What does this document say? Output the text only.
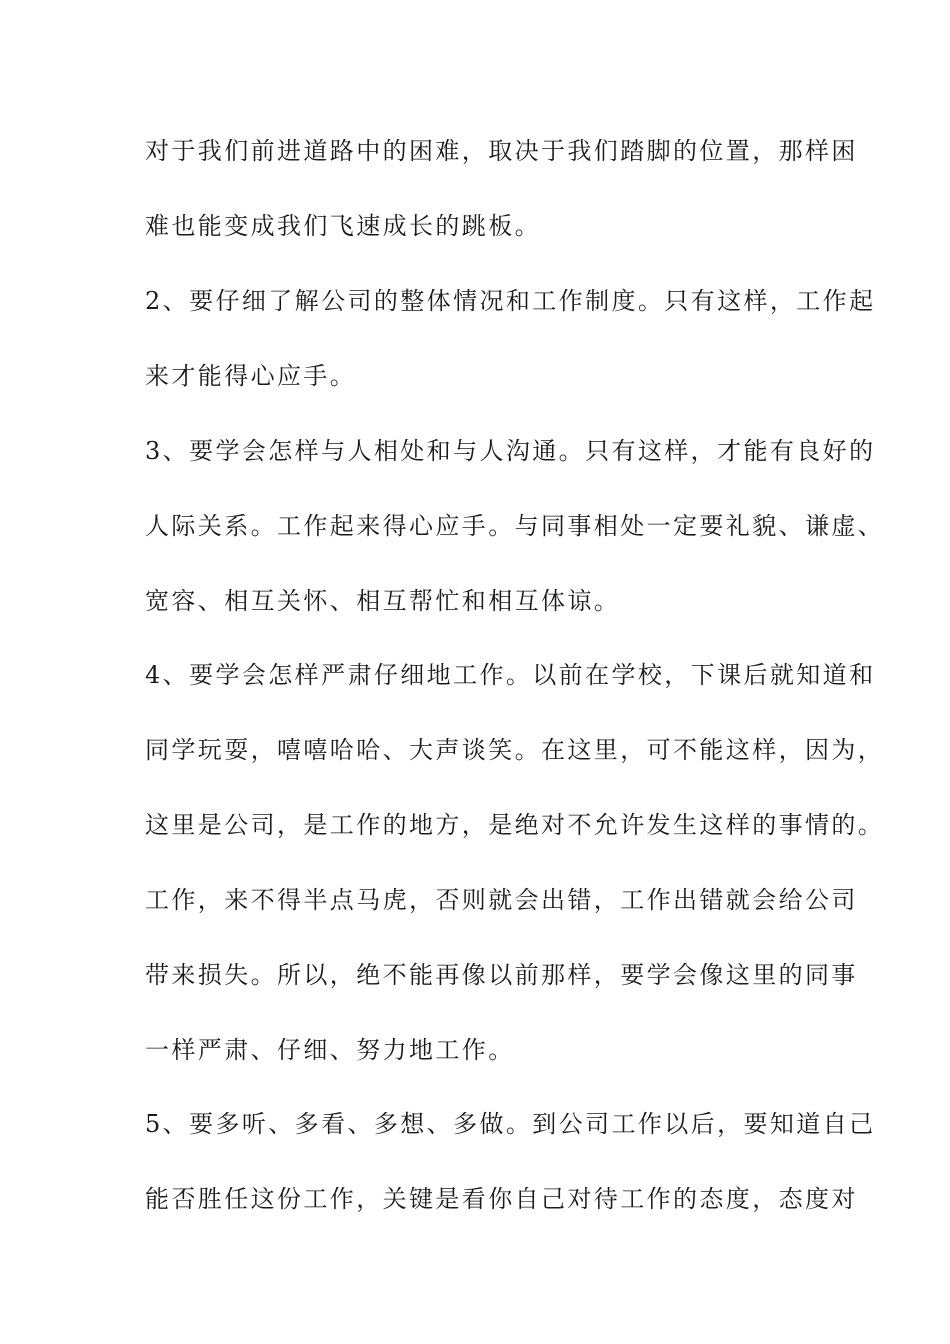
对于我们前进道路中的困难，取决于我们踏脚的位置，那样困
难也能变成我们飞速成长的跳板。
2、要仔细了解公司的整体情况和工作制度。只有这样，工作起
来才能得心应手。
3、要学会怎样与人相处和与人沟通。只有这样，才能有良好的
人际关系。工作起来得心应手。与同事相处一定要礼貌、谦虚、
宽容、相互关怀、相互帮忙和相互体谅。
4、要学会怎样严肃仔细地工作。以前在学校，下课后就知道和
同学玩耍，嘻嘻哈哈、大声谈笑。在这里，可不能这样，因为，
这里是公司，是工作的地方，是绝对不允许发生这样的事情的。
工作，来不得半点马虎，否则就会出错，工作出错就会给公司
带来损失。所以，绝不能再像以前那样，要学会像这里的同事
一样严肃、仔细、努力地工作。
5、要多听、多看、多想、多做。到公司工作以后，要知道自己
能否胜任这份工作，关键是看你自己对待工作的态度，态度对
